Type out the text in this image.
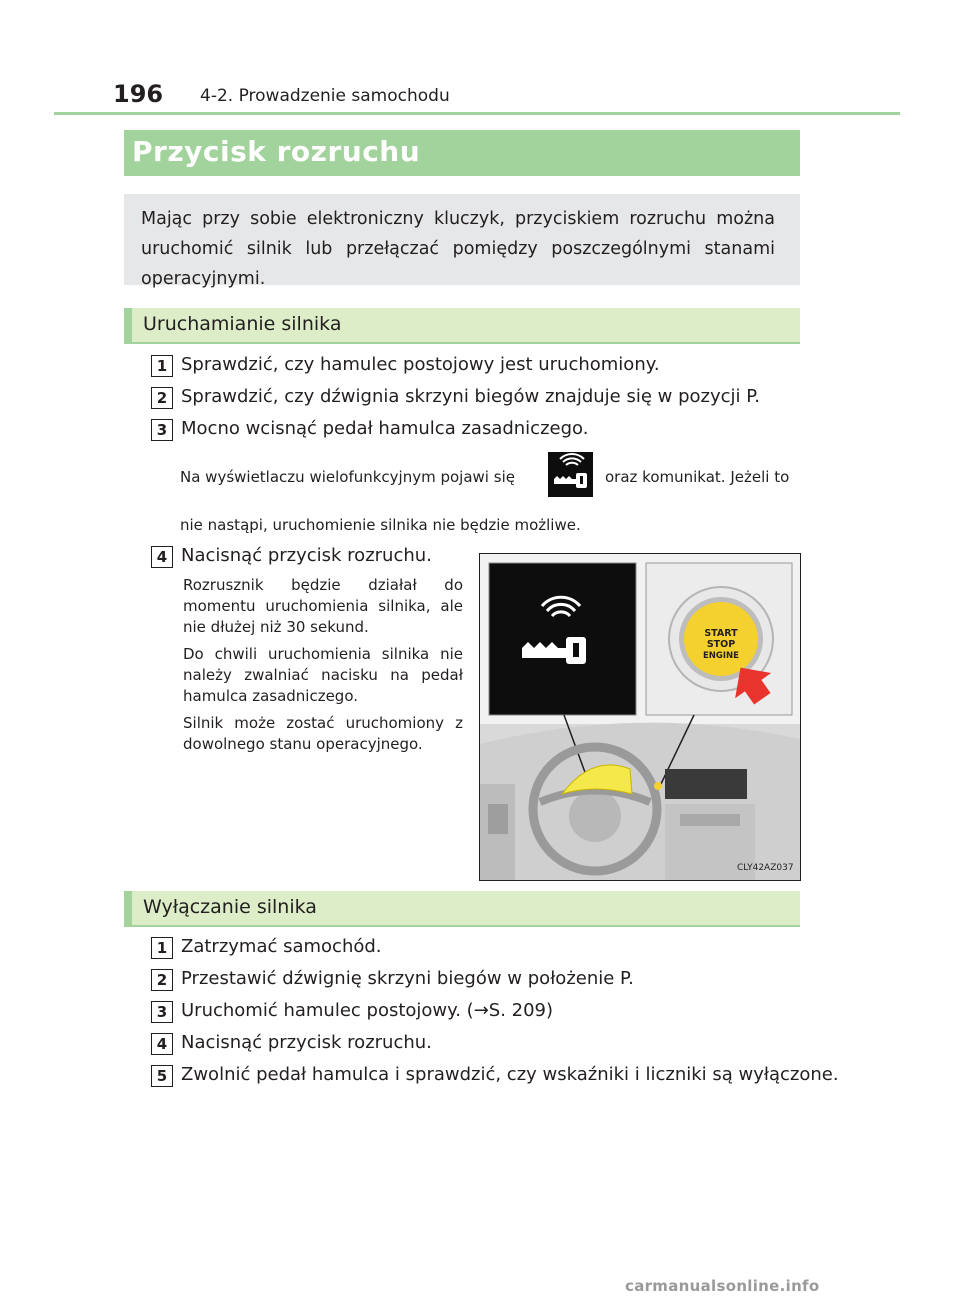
196 4-2. Prowadzenie samochodu
Przycisk rozruchu

Mając przy sobie elektroniczny kluczyk, przyciskiem rozruchu można uruchomić silnik lub przełączać pomiędzy poszczególnymi stanami operacyjnymi.

Uruchamianie silnika
1 Sprawdzić, czy hamulec postojowy jest uruchomiony.
2 Sprawdzić, czy dźwignia skrzyni biegów znajduje się w pozycji P.
3 Mocno wcisnąć pedał hamulca zasadniczego.
Na wyświetlaczu wielofunkcyjnym pojawi się	oraz komunikat. Jeżeli to
nie nastąpi, uruchomienie silnika nie będzie możliwe.
4 Nacisnąć przycisk rozruchu.

Rozrusznik będzie działał do momentu uruchomienia silnika, ale nie dłużej niż 30 sekund.

Do chwili uruchomienia silnika nie należy zwalniać nacisku na pedał hamulca zasadniczego.

Silnik może zostać uruchomiony z dowolnego stanu operacyjnego.

START
STOP
ENGINE
CLY42AZ037
Wyłączanie silnika
1 Zatrzymać samochód.
2 Przestawić dźwignię skrzyni biegów w położenie P.
3 Uruchomić hamulec postojowy. (→S. 209)
4 Nacisnąć przycisk rozruchu.
5 Zwolnić pedał hamulca i sprawdzić, czy wskaźniki i liczniki są wyłączone.
carmanualsonline.info
